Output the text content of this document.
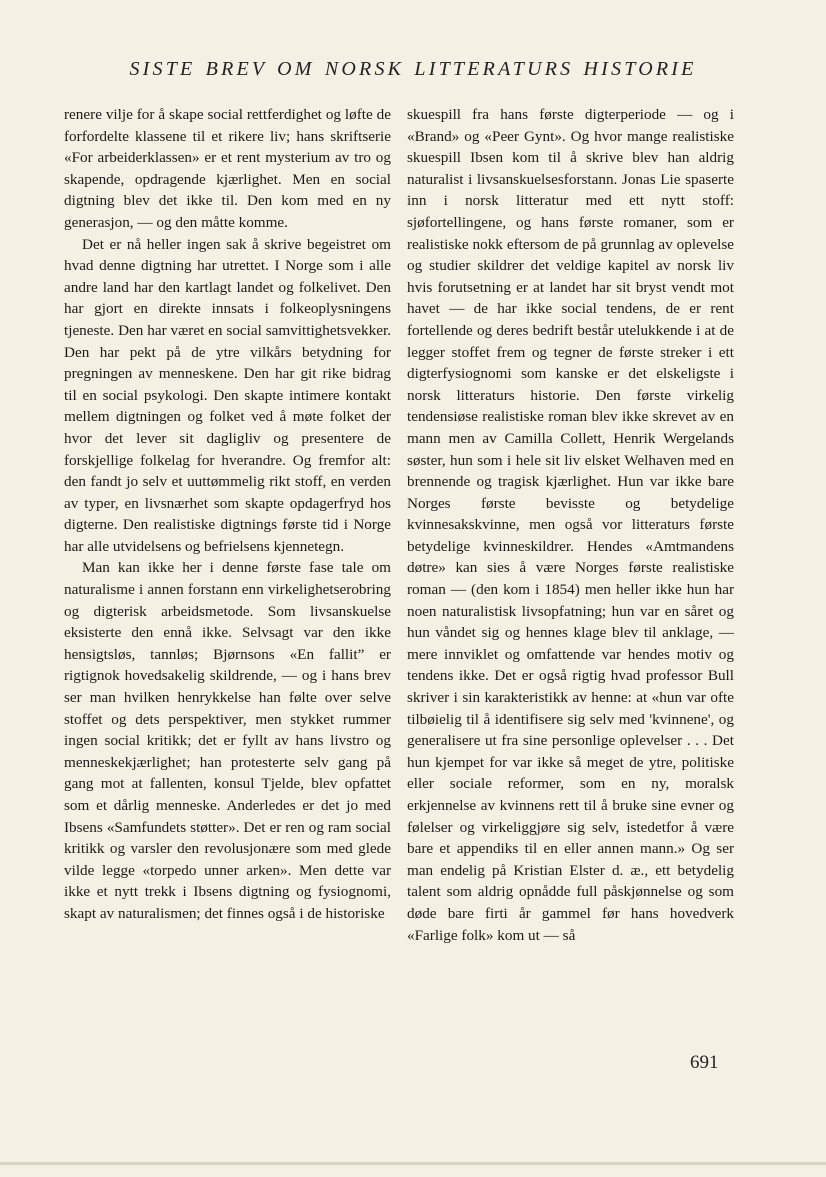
SISTE BREV OM NORSK LITTERATURS HISTORIE

renere vilje for å skape social rettferdighet og løfte de forfordelte klassene til et rikere liv; hans skriftserie «For arbeiderklassen» er et rent mysterium av tro og skapende, opdragende kjærlighet. Men en social digtning blev det ikke til. Den kom med en ny generasjon, — og den måtte komme.

Det er nå heller ingen sak å skrive begeistret om hvad denne digtning har utrettet. I Norge som i alle andre land har den kartlagt landet og folkelivet. Den har gjort en direkte innsats i folkeoplysningens tjeneste. Den har været en social samvittighetsvekker. Den har pekt på de ytre vilkårs betydning for pregningen av menneskene. Den har git rike bidrag til en social psykologi. Den skapte intimere kontakt mellem digtningen og folket ved å møte folket der hvor det lever sit dagligliv og presentere de forskjellige folkelag for hverandre. Og fremfor alt: den fandt jo selv et uuttømmelig rikt stoff, en verden av typer, en livsnærhet som skapte opdagerfryd hos digterne. Den realistiske digtnings første tid i Norge har alle utvidelsens og befrielsens kjennetegn.

Man kan ikke her i denne første fase tale om naturalisme i annen forstann enn virkelighetserobring og digterisk arbeidsmetode. Som livsanskuelse eksisterte den ennå ikke. Selvsagt var den ikke hensigtsløs, tannløs; Bjørnsons «En fallit” er rigtignok hovedsakelig skildrende, — og i hans brev ser man hvilken henrykkelse han følte over selve stoffet og dets perspektiver, men stykket rummer ingen social kritikk; det er fyllt av hans livstro og menneskekjærlighet; han protesterte selv gang på gang mot at fallenten, konsul Tjelde, blev opfattet som et dårlig menneske. Anderledes er det jo med Ibsens «Samfundets støtter». Det er ren og ram social kritikk og varsler den revolusjonære som med glede vilde legge «torpedo unner arken». Men dette var ikke et nytt trekk i Ibsens digtning og fysiognomi, skapt av naturalismen; det finnes også i de historiske

skuespill fra hans første digterperiode — og i «Brand» og «Peer Gynt». Og hvor mange realistiske skuespill Ibsen kom til å skrive blev han aldrig naturalist i livsanskuelsesforstann. Jonas Lie spaserte inn i norsk litteratur med ett nytt stoff: sjøfortellingene, og hans første romaner, som er realistiske nokk eftersom de på grunnlag av oplevelse og studier skildrer det veldige kapitel av norsk liv hvis forutsetning er at landet har sit bryst vendt mot havet — de har ikke social tendens, de er rent fortellende og deres bedrift består utelukkende i at de legger stoffet frem og tegner de første streker i ett digterfysiognomi som kanske er det elskeligste i norsk litteraturs historie. Den første virkelig tendensiøse realistiske roman blev ikke skrevet av en mann men av Camilla Collett, Henrik Wergelands søster, hun som i hele sit liv elsket Welhaven med en brennende og tragisk kjærlighet. Hun var ikke bare Norges første bevisste og betydelige kvinnesakskvinne, men også vor litteraturs første betydelige kvinneskildrer. Hendes «Amtmandens døtre» kan sies å være Norges første realistiske roman — (den kom i 1854) men heller ikke hun har noen naturalistisk livsopfatning; hun var en såret og hun våndet sig og hennes klage blev til anklage, — mere innviklet og omfattende var hendes motiv og tendens ikke. Det er også rigtig hvad professor Bull skriver i sin karakteristikk av henne: at «hun var ofte tilbøielig til å identifisere sig selv med 'kvinnene', og generalisere ut fra sine personlige oplevelser . . . Det hun kjempet for var ikke så meget de ytre, politiske eller sociale reformer, som en ny, moralsk erkjennelse av kvinnens rett til å bruke sine evner og følelser og virkeliggjøre sig selv, istedetfor å være bare et appendiks til en eller annen mann.» Og ser man endelig på Kristian Elster d. æ., ett betydelig talent som aldrig opnådde full påskjønnelse og som døde bare firti år gammel før hans hovedverk «Farlige folk» kom ut — så

691
